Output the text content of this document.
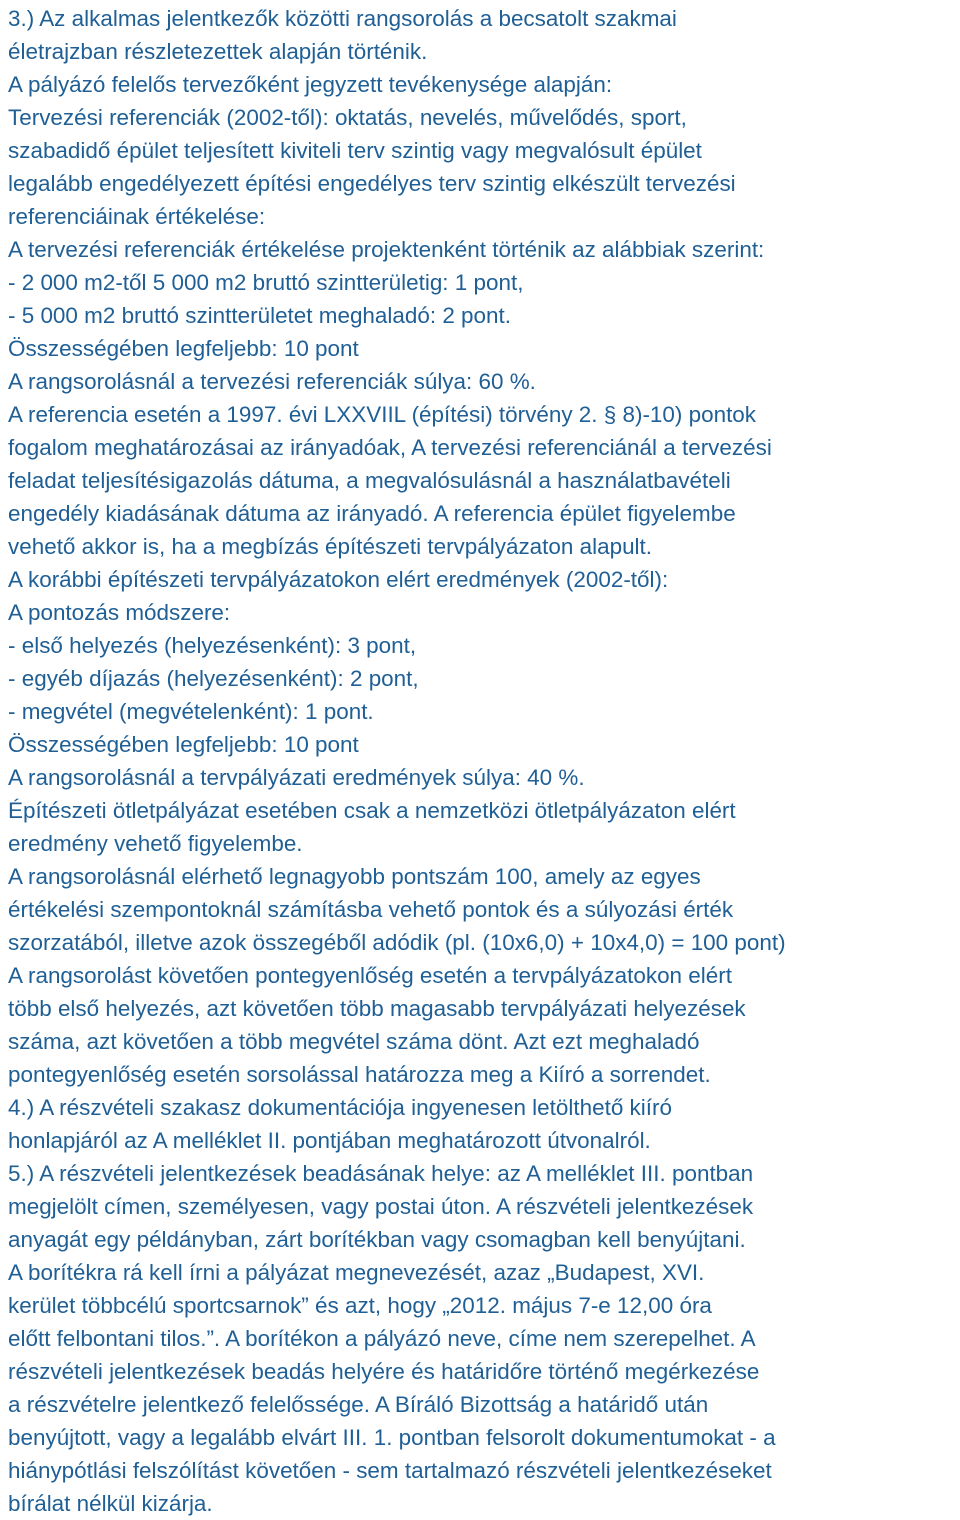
3.) Az alkalmas jelentkezők közötti rangsorolás a becsatolt szakmai
életrajzban részletezettek alapján történik.
A pályázó felelős tervezőként jegyzett tevékenysége alapján:
Tervezési referenciák (2002-től): oktatás, nevelés, művelődés, sport,
szabadidő épület teljesített kiviteli terv szintig vagy megvalósult épület
legalább engedélyezett építési engedélyes terv szintig elkészült tervezési
referenciáinak értékelése:
A tervezési referenciák értékelése projektenként történik az alábbiak szerint:
- 2 000 m2-től 5 000 m2 bruttó szintterületig: 1 pont,
- 5 000 m2 bruttó szintterületet meghaladó: 2 pont.
Összességében legfeljebb: 10 pont
A rangsorolásnál a tervezési referenciák súlya: 60 %.
A referencia esetén a 1997. évi LXXVIIL (építési) törvény 2. § 8)-10) pontok
fogalom meghatározásai az irányadóak, A tervezési referenciánál a tervezési
feladat teljesítésigazolás dátuma, a megvalósulásnál a használatbavételi
engedély kiadásának dátuma az irányadó. A referencia épület figyelembe
vehető akkor is, ha a megbízás építészeti tervpályázaton alapult.
A korábbi építészeti tervpályázatokon elért eredmények (2002-től):
A pontozás módszere:
- első helyezés (helyezésenként): 3 pont,
- egyéb díjazás (helyezésenként): 2 pont,
- megvétel (megvételenként): 1 pont.
Összességében legfeljebb: 10 pont
A rangsorolásnál a tervpályázati eredmények súlya: 40 %.
Építészeti ötletpályázat esetében csak a nemzetközi ötletpályázaton elért
eredmény vehető figyelembe.
A rangsorolásnál elérhető legnagyobb pontszám 100, amely az egyes
értékelési szempontoknál számításba vehető pontok és a súlyozási érték
szorzatából, illetve azok összegéből adódik (pl. (10x6,0) + 10x4,0) = 100 pont)
A rangsorolást követően pontegyenlőség esetén a tervpályázatokon elért
több első helyezés, azt követően több magasabb tervpályázati helyezések
száma, azt követően a több megvétel száma dönt. Azt ezt meghaladó
pontegyenlőség esetén sorsolással határozza meg a Kiíró a sorrendet.
4.) A részvételi szakasz dokumentációja ingyenesen letölthető kiíró
honlapjáról az A melléklet II. pontjában meghatározott útvonalról.
5.) A részvételi jelentkezések beadásának helye: az A melléklet III. pontban
megjelölt címen, személyesen, vagy postai úton. A részvételi jelentkezések
anyagát egy példányban, zárt borítékban vagy csomagban kell benyújtani.
A borítékra rá kell írni a pályázat megnevezését, azaz „Budapest, XVI.
kerület többcélú sportcsarnok” és azt, hogy „2012. május 7-e 12,00 óra
előtt felbontani tilos.”. A borítékon a pályázó neve, címe nem szerepelhet. A
részvételi jelentkezések beadás helyére és határidőre történő megérkezése
a részvételre jelentkező felelőssége. A Bíráló Bizottság a határidő után
benyújtott, vagy a legalább elvárt III. 1. pontban felsorolt dokumentumokat - a
hiánypótlási felszólítást követően - sem tartalmazó részvételi jelentkezéseket
bírálat nélkül kizárja.
